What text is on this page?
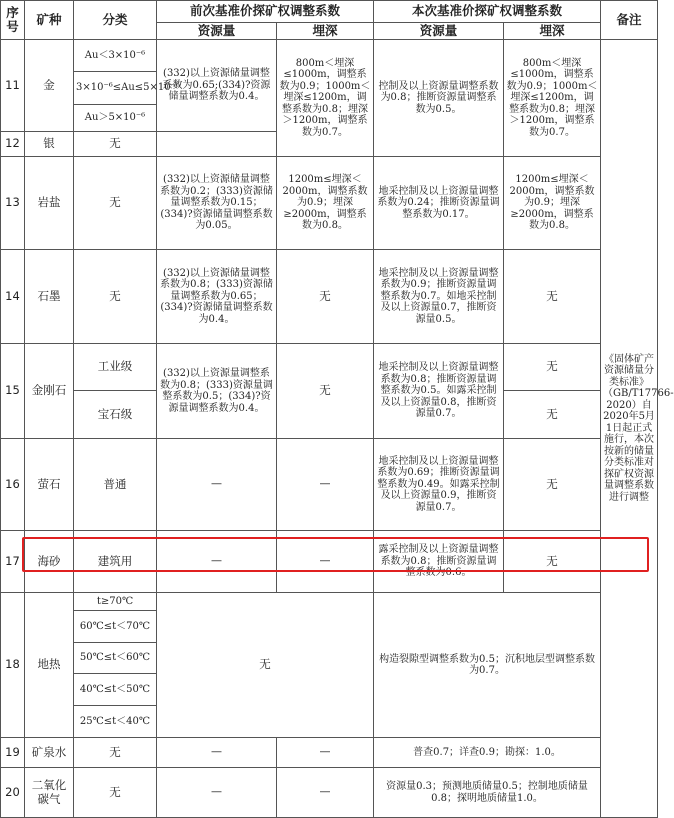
序号	矿种	分类	前次基准价探矿权调整系数		本次基准价探矿权调整系数		备注
			资源量	埋深	资源量	埋深	
11	金	Au＜3×10⁻⁶	(332)以上资源储量调整系数为0.65;(334)?资源储量调整系数为0.4。	800m＜埋深≤1000m，调整系数为0.9；1000m＜埋深≤1200m，调整系数为0.8；埋深＞1200m，调整系数为0.7。	控制及以上资源量调整系数为0.8；推断资源量调整系数为0.5。	800m＜埋深≤1000m，调整系数为0.9；1000m＜埋深≤1200m，调整系数为0.8；埋深＞1200m，调整系数为0.7。	《固体矿产资源储量分类标准》（GB/T17766-2020）自2020年5月1日起正式施行，本次按新的储量分类标准对探矿权资源量调整系数进行调整
		3×10⁻⁶≤Au≤5×10⁻⁶					
		Au＞5×10⁻⁶					
12	银	无					
13	岩盐	无	(332)以上资源储量调整系数为0.2；(333)资源储量调整系数为0.15；(334)?资源储量调整系数为0.05。	1200m≤埋深＜2000m，调整系数为0.9；埋深≥2000m，调整系数为0.8。	地采控制及以上资源量调整系数为0.24；推断资源量调整系数为0.17。	1200m≤埋深＜2000m，调整系数为0.9；埋深≥2000m，调整系数为0.8。	
14	石墨	无	(332)以上资源储量调整系数为0.8；(333)资源储量调整系数为0.65；(334)?资源储量调整系数为0.4。	无	地采控制及以上资源量调整系数为0.9；推断资源量调整系数为0.7。如地采控制及以上资源量0.7，推断资源量0.5。	无	
15	金刚石	工业级	(332)以上资源量调整系数为0.8；(333)资源量调整系数为0.5；(334)?资源量调整系数为0.4。	无	地采控制及以上资源量调整系数为0.8；推断资源量调整系数为0.5。如露采控制及以上资源量0.8，推断资源量0.7。	无	
		宝石级				无	
16	萤石	普通	—	—	地采控制及以上资源量调整系数为0.69；推断资源量调整系数为0.49。如露采控制及以上资源量0.9，推断资源量0.7。	无	
17	海砂	建筑用	—	—	露采控制及以上资源量调整系数为0.8；推断资源量调整系数为0.6。	无	
18	地热	t≥70℃	无		构造裂隙型调整系数为0.5；沉积地层型调整系数为0.7。		
		60℃≤t＜70℃					
		50℃≤t＜60℃					
		40℃≤t＜50℃					
		25℃≤t＜40℃					
19	矿泉水	无	—	—	普查0.7；详查0.9；勘探：1.0。		
20	二氧化碳气	无	—	—	资源量0.3；预测地质储量0.5；控制地质储量0.8；探明地质储量1.0。		
